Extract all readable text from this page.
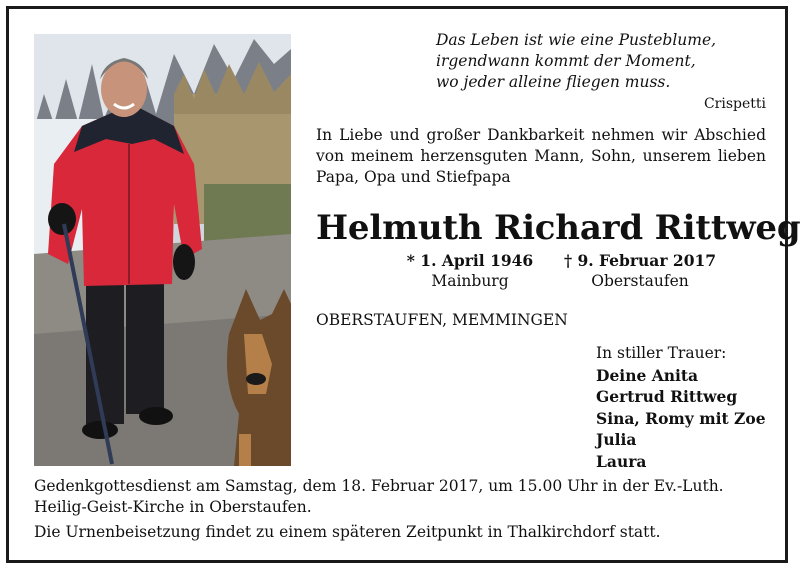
Das Leben ist wie eine Pusteblume,
irgendwann kommt der Moment,
wo jeder alleine fliegen muss.
Crispetti
In Liebe und großer Dankbarkeit nehmen wir Abschied von meinem herzensguten Mann, Sohn, unserem lieben Papa, Opa und Stiefpapa
Helmuth Richard Rittweg
* 1. April 1946
Mainburg
† 9. Februar 2017
Oberstaufen
OBERSTAUFEN, MEMMINGEN
In stiller Trauer:
Deine Anita
Gertrud Rittweg
Sina, Romy mit Zoe
Julia
Laura
Gedenkgottesdienst am Samstag, dem 18. Februar 2017, um 15.00 Uhr in der Ev.-Luth. Heilig-Geist-Kirche in Oberstaufen.
Die Urnenbeisetzung findet zu einem späteren Zeitpunkt in Thalkirchdorf statt.
